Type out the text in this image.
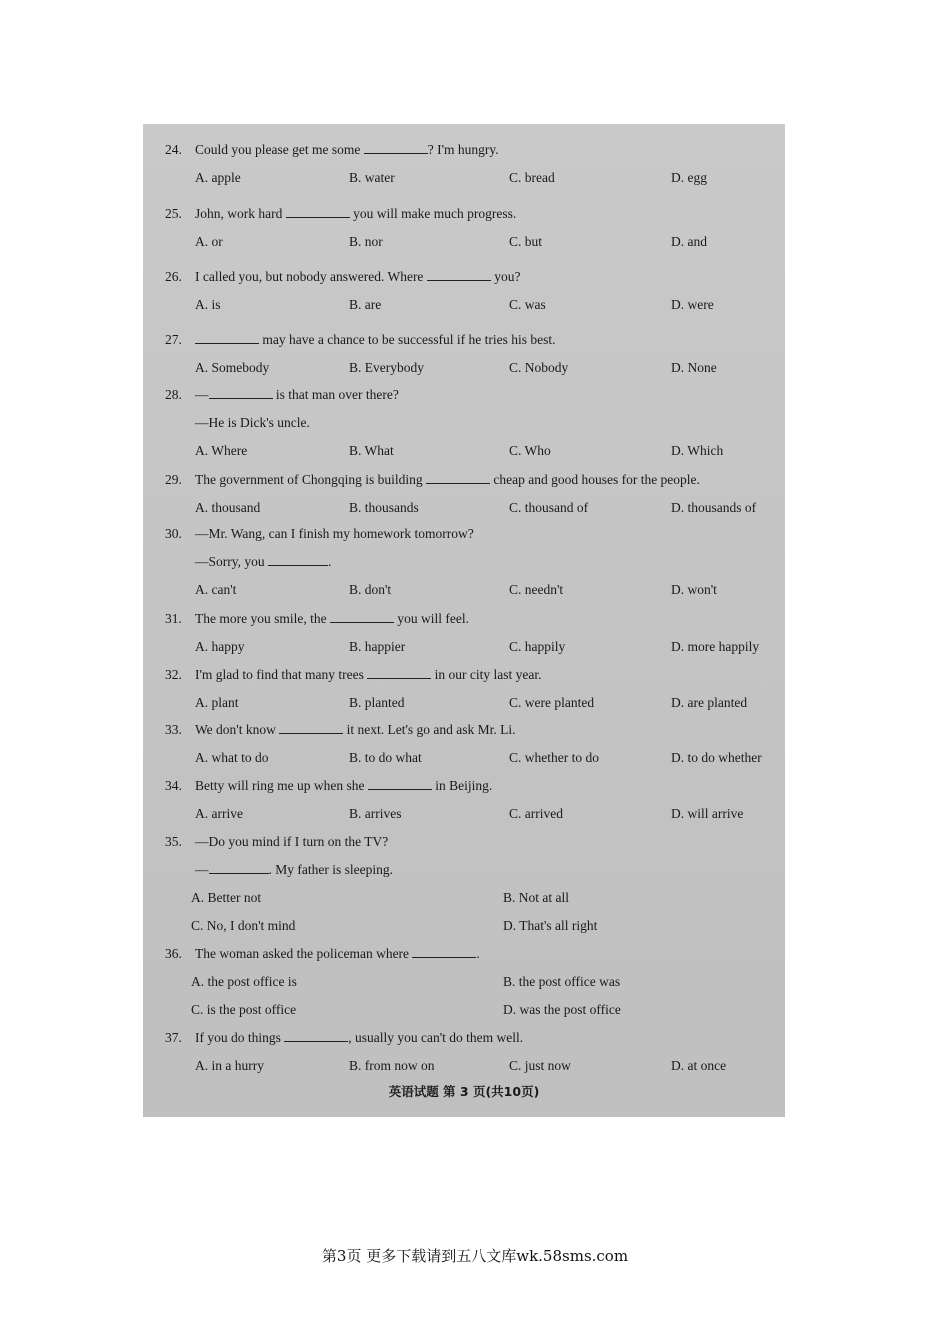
英语试题 第 3 页(共10页)
24. Could you please get me some	? I'm hungry.
A. apple	B. water	C. bread	D. egg
25. John, work hard	you will make much progress.
A. or	B. nor	C. but	D. and
26. I called you, but nobody answered. Where	you?
A. is	B. are	C. was	D. were
27.	may have a chance to be successful if he tries his best.
A. Somebody	B. Everybody	C. Nobody	D. None
28. —	is that man over there?
—He is Dick's uncle.
A. Where	B. What	C. Who	D. Which
29. The government of Chongqing is building	cheap and good houses for the people.
A. thousand	B. thousands	C. thousand of	D. thousands of
30. —Mr. Wang, can I finish my homework tomorrow?
—Sorry, you	.
A. can't	B. don't	C. needn't	D. won't
31. The more you smile, the	you will feel.
A. happy	B. happier	C. happily	D. more happily
32. I'm glad to find that many trees	in our city last year.
A. plant	B. planted	C. were planted	D. are planted
33. We don't know	it next. Let's go and ask Mr. Li.
A. what to do	B. to do what	C. whether to do	D. to do whether
34. Betty will ring me up when she	in Beijing.
A. arrive	B. arrives	C. arrived	D. will arrive
35. —Do you mind if I turn on the TV?
—	. My father is sleeping.
A. Better not	B. Not at all
C. No, I don't mind	D. That's all right
36. The woman asked the policeman where	.
A. the post office is	B. the post office was
C. is the post office	D. was the post office
37. If you do things	, usually you can't do them well.
A. in a hurry	B. from now on	C. just now	D. at once
第3页 更多下载请到五八文库wk.58sms.com
